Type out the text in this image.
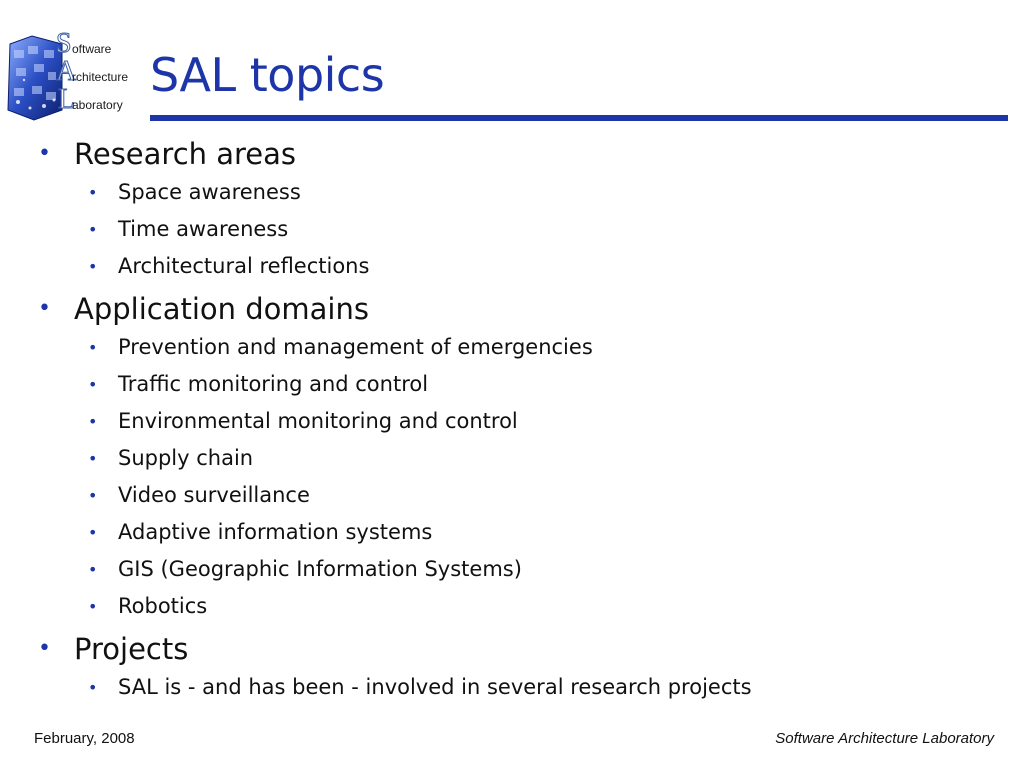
S oftware
A
rchitecture
L
aboratory
SAL topics
• Research areas
• Space awareness
• Time awareness
• Architectural reflections
• Application domains
• Prevention and management of emergencies
• Traffic monitoring and control
• Environmental monitoring and control
• Supply chain
• Video surveillance
• Adaptive information systems
• GIS (Geographic Information Systems)
• Robotics
• Projects
• SAL is - and has been - involved in several research projects
February, 2008	Software Architecture Laboratory
